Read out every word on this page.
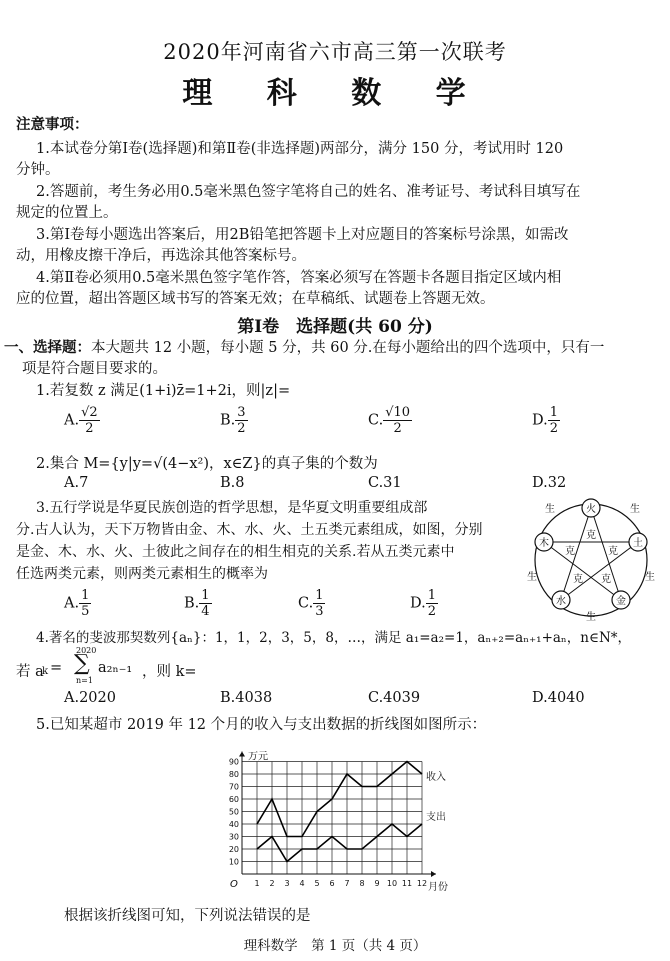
2020年河南省六市高三第一次联考
理 科 数 学
注意事项：
1.本试卷分第Ⅰ卷(选择题)和第Ⅱ卷(非选择题)两部分，满分 150 分，考试用时 120
分钟。
2.答题前，考生务必用0.5毫米黑色签字笔将自己的姓名、准考证号、考试科目填写在
规定的位置上。
3.第Ⅰ卷每小题选出答案后，用2B铅笔把答题卡上对应题目的答案标号涂黑，如需改
动，用橡皮擦干净后，再选涂其他答案标号。
4.第Ⅱ卷必须用0.5毫米黑色签字笔作答，答案必须写在答题卡各题目指定区域内相
应的位置，超出答题区域书写的答案无效；在草稿纸、试题卷上答题无效。
第Ⅰ卷　选择题(共 60 分)
一、选择题：本大题共 12 小题，每小题 5 分，共 60 分.在每小题给出的四个选项中，只有一
项是符合题目要求的。
1.若复数 z 满足(1+i)z̄=1+2i，则|z|=
A. $\frac{√2}{2}$	B. $\frac{3}{2}$	C. $\frac{√10}{2}$	D. $\frac{1}{2}$
2.集合 M={y|y=√(4−x²)，x∈Z}的真子集的个数为
A.7	B.8	C.31	D.32
3.五行学说是华夏民族创造的哲学思想，是华夏文明重要组成部
分.古人认为，天下万物皆由金、木、水、火、土五类元素组成，如图，分别
是金、木、水、火、土彼此之间存在的相生相克的关系.若从五类元素中
任选两类元素，则两类元素相生的概率为
火
土
金
水
木
生	生
生
生
生
克
克	克
克 克
A. $\frac{1}{5}$	B. $\frac{1}{4}$	C. $\frac{1}{3}$	D. $\frac{1}{2}$
4.著名的斐波那契数列{aₙ}：1，1，2，3，5，8，…，满足 a₁=a₂=1，aₙ₊₂=aₙ₊₁+aₙ，n∈N*，
若 a
k =
2020
∑
n=1
a₂ₙ₋₁ ，则 k=
A.2020	B.4038	C.4039	D.4040
5.已知某超市 2019 年 12 个月的收入与支出数据的折线图如图所示：
1 2 3 4 5 6 7 8 9 10 11 12
10
20
30
40
50
60
70
80
90
O
万元
月份
收入
支出
根据该折线图可知，下列说法错误的是
理科数学　第 1 页（共 4 页）
